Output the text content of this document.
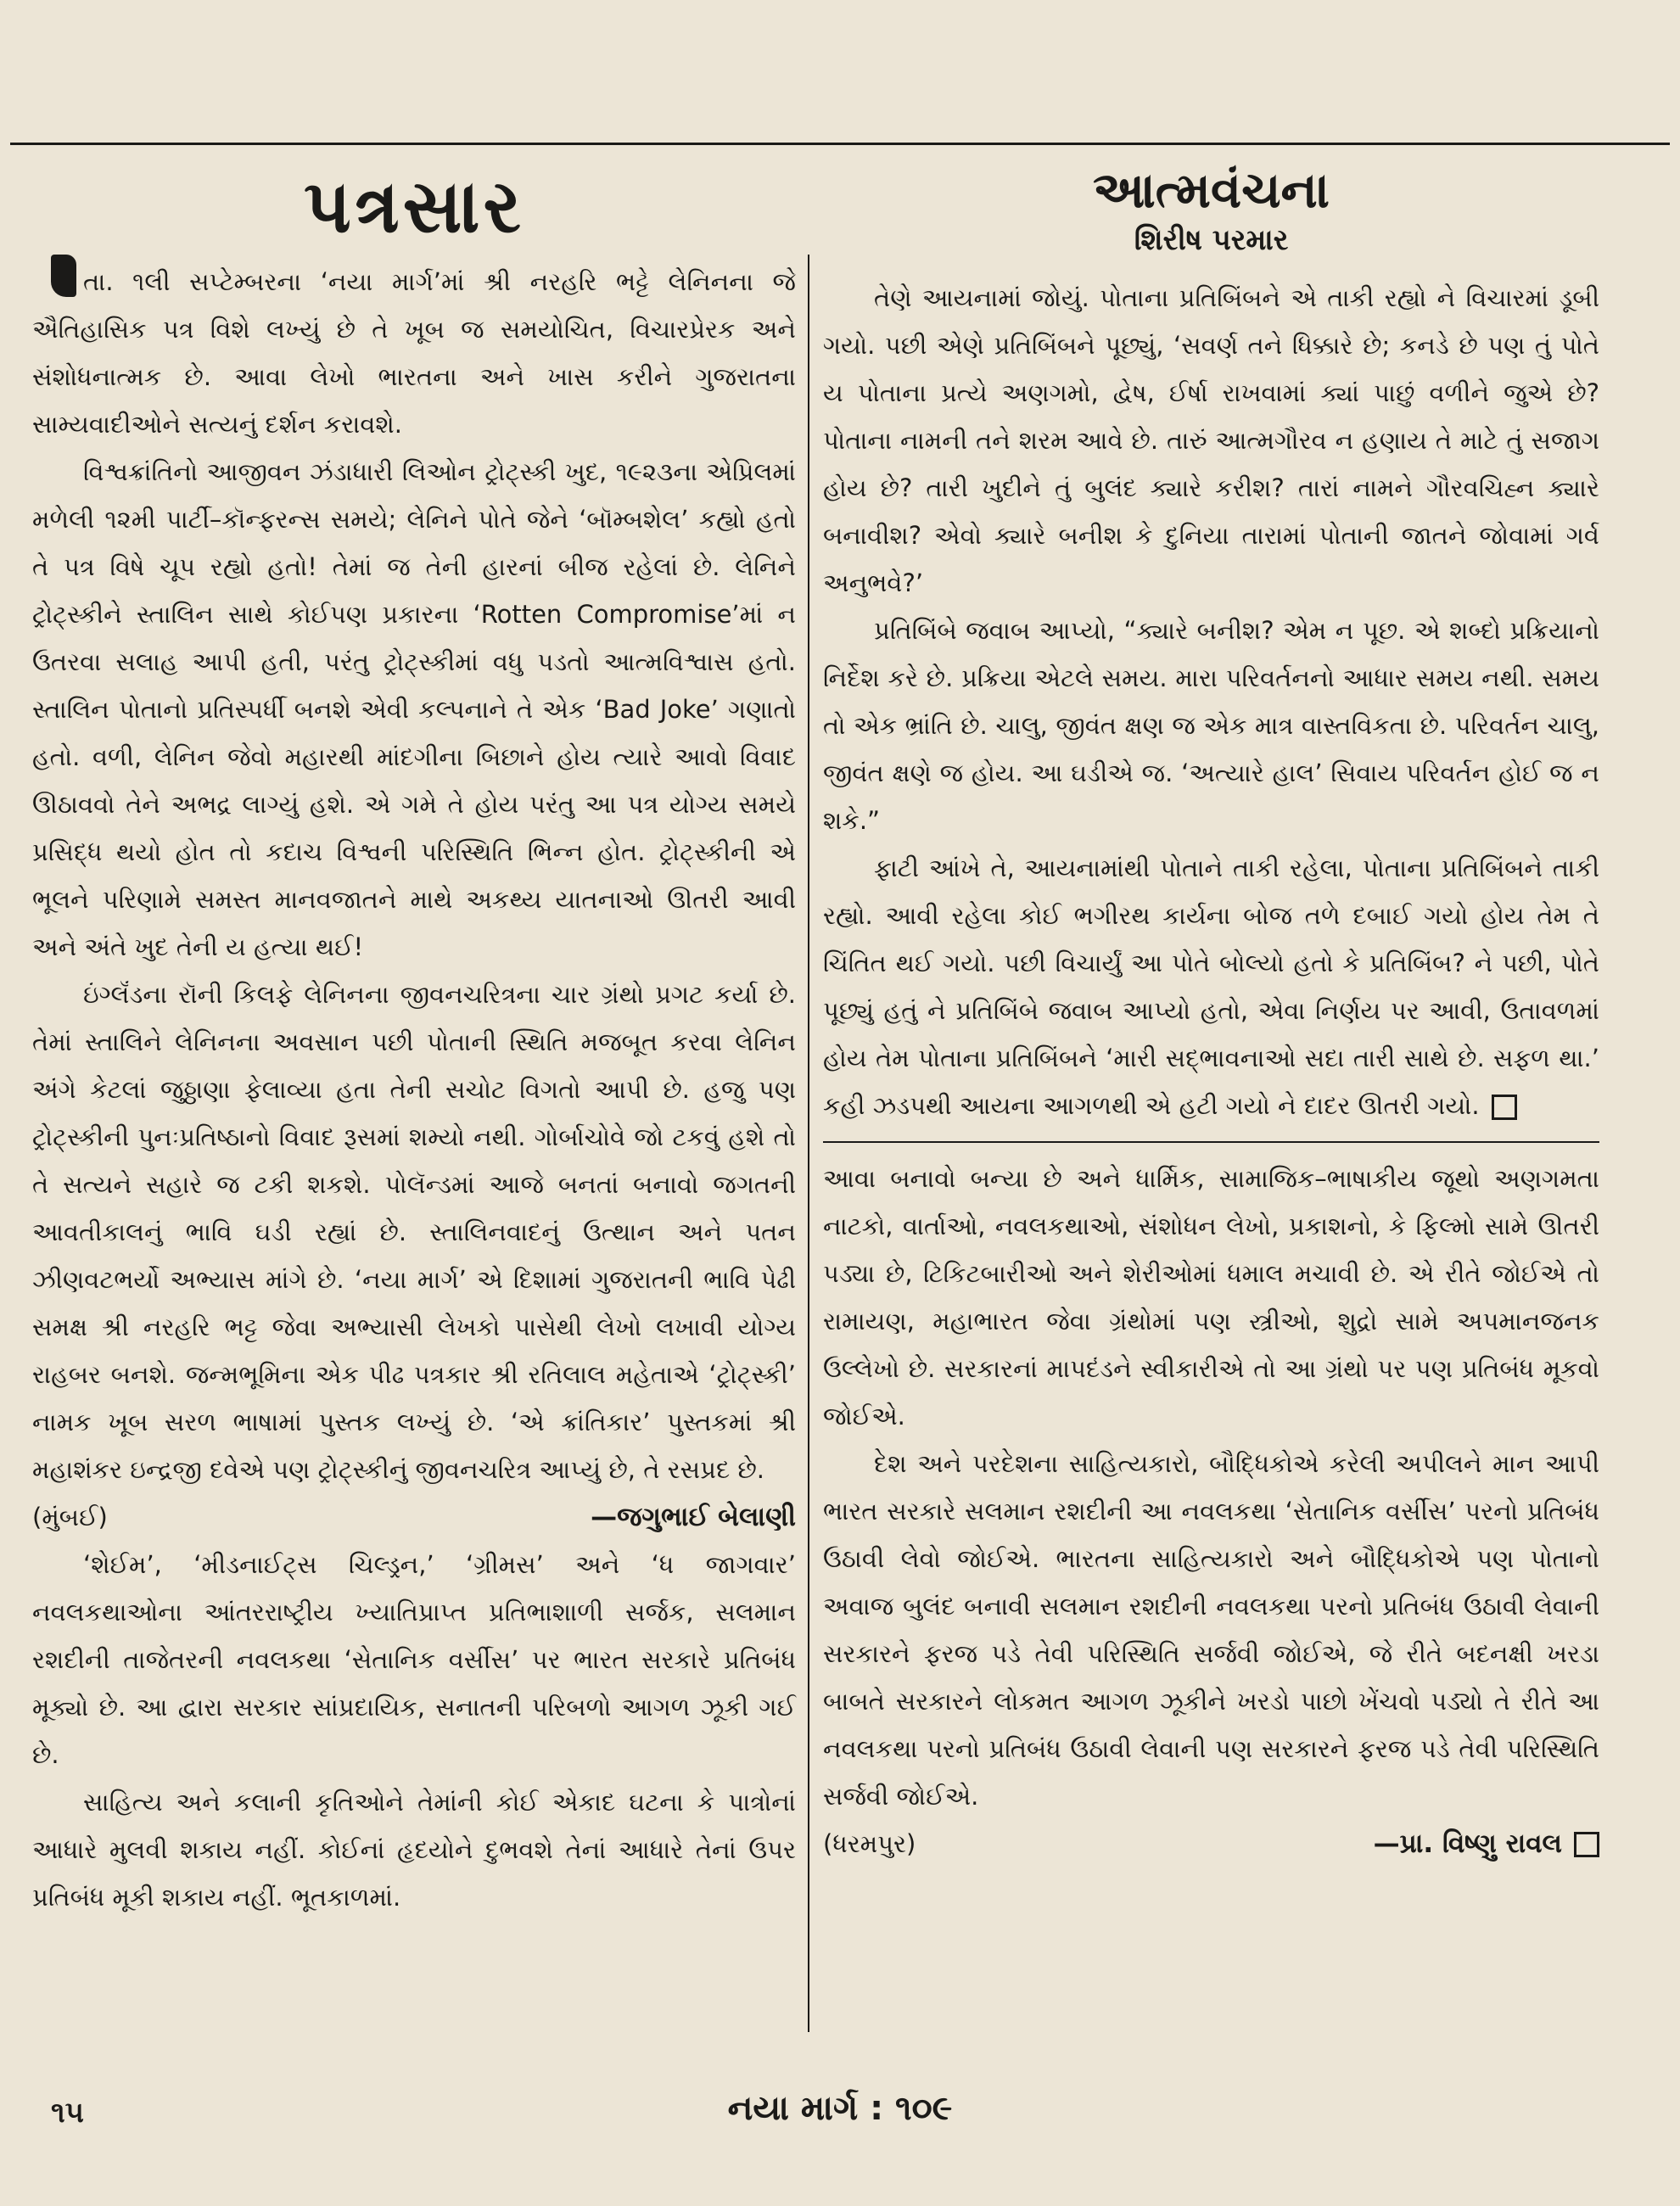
પત્રસાર

તા. ૧લી સપ્ટેમ્બરના ‘નયા માર્ગ’માં શ્રી નરહરિ ભટ્ટે લેનિનના જે ઐતિહાસિક પત્ર વિશે લખ્યું છે તે ખૂબ જ સમયોચિત, વિચારપ્રેરક અને સંશોધનાત્મક છે. આવા લેખો ભારતના અને ખાસ કરીને ગુજરાતના સામ્યવાદીઓને સત્યનું દર્શન કરાવશે.

વિશ્વક્રાંતિનો આજીવન ઝંડાધારી લિઓન ટ્રોટ્સ્કી ખુદ, ૧૯૨૩ના એપ્રિલમાં મળેલી ૧૨મી પાર્ટી–કૉન્ફરન્સ સમયે; લેનિને પોતે જેને ‘બૉમ્બશેલ’ કહ્યો હતો તે પત્ર વિષે ચૂપ રહ્યો હતો! તેમાં જ તેની હારનાં બીજ રહેલાં છે. લેનિને ટ્રોટ્સ્કીને સ્તાલિન સાથે કોઈપણ પ્રકારના ‘Rotten Compromise’માં ન ઉતરવા સલાહ આપી હતી, પરંતુ ટ્રોટ્સ્કીમાં વધુ પડતો આત્મવિશ્વાસ હતો. સ્તાલિન પોતાનો પ્રતિસ્પર્ધી બનશે એવી કલ્પનાને તે એક ‘Bad Joke’ ગણાતો હતો. વળી, લેનિન જેવો મહારથી માંદગીના બિછાને હોય ત્યારે આવો વિવાદ ઊઠાવવો તેને અભદ્ર લાગ્યું હશે. એ ગમે તે હોય પરંતુ આ પત્ર યોગ્ય સમયે પ્રસિદ્ધ થયો હોત તો કદાચ વિશ્વની પરિસ્થિતિ ભિન્ન હોત. ટ્રોટ્સ્કીની એ ભૂલને પરિણામે સમસ્ત માનવજાતને માથે અકથ્ય યાતનાઓ ઊતરી આવી અને અંતે ખુદ તેની ય હત્યા થઈ!

ઇંગ્લૅંડના રૉની કિલફે લેનિનના જીવનચરિત્રના ચાર ગ્રંથો પ્રગટ કર્યા છે. તેમાં સ્તાલિને લેનિનના અવસાન પછી પોતાની સ્થિતિ મજબૂત કરવા લેનિન અંગે કેટલાં જુઠ્ઠાણા ફેલાવ્યા હતા તેની સચોટ વિગતો આપી છે. હજુ પણ ટ્રોટ્સ્કીની પુનઃપ્રતિષ્ઠાનો વિવાદ રૂસમાં શમ્યો નથી. ગોર્બાચોવે જો ટકવું હશે તો તે સત્યને સહારે જ ટકી શકશે. પોલૅન્ડમાં આજે બનતાં બનાવો જગતની આવતીકાલનું ભાવિ ઘડી રહ્યાં છે. સ્તાલિનવાદનું ઉત્થાન અને પતન ઝીણવટભર્યો અભ્યાસ માંગે છે. ‘નયા માર્ગ’ એ દિશામાં ગુજરાતની ભાવિ પેઢી સમક્ષ શ્રી નરહરિ ભટ્ટ જેવા અભ્યાસી લેખકો પાસેથી લેખો લખાવી યોગ્ય રાહબર બનશે. જન્મભૂમિના એક પીઢ પત્રકાર શ્રી રતિલાલ મહેતાએ ‘ટ્રોટ્સ્કી’ નામક ખૂબ સરળ ભાષામાં પુસ્તક લખ્યું છે. ‘એ ક્રાંતિકાર’ પુસ્તકમાં શ્રી મહાશંકર ઇન્દ્રજી દવેએ પણ ટ્રોટ્સ્કીનું જીવનચરિત્ર આપ્યું છે, તે રસપ્રદ છે.

—જગુભાઈ બેલાણી
(મુંબઈ)

‘શેઈમ’, ‘મીડનાઈટ્સ ચિલ્ડ્રન,’ ‘ગ્રીમસ’ અને ‘ધ જાગવાર’ નવલકથાઓના આંતરરાષ્ટ્રીય ખ્યાતિપ્રાપ્ત પ્રતિભાશાળી સર્જક, સલમાન રશદીની તાજેતરની નવલકથા ‘સેતાનિક વર્સીસ’ પર ભારત સરકારે પ્રતિબંધ મૂક્યો છે. આ દ્વારા સરકાર સાંપ્રદાયિક, સનાતની પરિબળો આગળ ઝૂકી ગઈ છે.

સાહિત્ય અને કલાની કૃતિઓને તેમાંની કોઈ એકાદ ઘટના કે પાત્રોનાં આધારે મુલવી શકાય નહીં. કોઈનાં હૃદયોને દુભવશે તેનાં આધારે તેનાં ઉપર પ્રતિબંધ મૂકી શકાય નહીં. ભૂતકાળમાં.

આત્મવંચના
શિરીષ પરમાર

તેણે આયનામાં જોયું. પોતાના પ્રતિબિંબને એ તાકી રહ્યો ને વિચારમાં ડૂબી ગયો. પછી એણે પ્રતિબિંબને પૂછ્યું, ‘સવર્ણ તને ધિક્કારે છે; કનડે છે પણ તું પોતે ય પોતાના પ્રત્યે અણગમો, દ્વેષ, ઈર્ષા રાખવામાં ક્યાં પાછું વળીને જુએ છે? પોતાના નામની તને શરમ આવે છે. તારું આત્મગૌરવ ન હણાય તે માટે તું સજાગ હોય છે? તારી ખુદીને તું બુલંદ ક્યારે કરીશ? તારાં નામને ગૌરવચિહ્ન ક્યારે બનાવીશ? એવો ક્યારે બનીશ કે દુનિયા તારામાં પોતાની જાતને જોવામાં ગર્વ અનુભવે?’

પ્રતિબિંબે જવાબ આપ્યો, “ક્યારે બનીશ? એમ ન પૂછ. એ શબ્દો પ્રક્રિયાનો નિર્દેશ કરે છે. પ્રક્રિયા એટલે સમય. મારા પરિવર્તનનો આધાર સમય નથી. સમય તો એક ભ્રાંતિ છે. ચાલુ, જીવંત ક્ષણ જ એક માત્ર વાસ્તવિકતા છે. પરિવર્તન ચાલુ, જીવંત ક્ષણે જ હોય. આ ઘડીએ જ. ‘અત્યારે હાલ’ સિવાય પરિવર્તન હોઈ જ ન શકે.”

ફાટી આંખે તે, આયનામાંથી પોતાને તાકી રહેલા, પોતાના પ્રતિબિંબને તાકી રહ્યો. આવી રહેલા કોઈ ભગીરથ કાર્યના બોજ તળે દબાઈ ગયો હોય તેમ તે ચિંતિત થઈ ગયો. પછી વિચાર્યું આ પોતે બોલ્યો હતો કે પ્રતિબિંબ? ને પછી, પોતે પૂછ્યું હતું ને પ્રતિબિંબે જવાબ આપ્યો હતો, એવા નિર્ણય પર આવી, ઉતાવળમાં હોય તેમ પોતાના પ્રતિબિંબને ‘મારી સદ્‌ભાવનાઓ સદા તારી સાથે છે. સફળ થા.’ કહી ઝડપથી આયના આગળથી એ હટી ગયો ને દાદર ઊતરી ગયો.

આવા બનાવો બન્યા છે અને ધાર્મિક, સામાજિક–ભાષાકીય જૂથો અણગમતા નાટકો, વાર્તાઓ, નવલકથાઓ, સંશોધન લેખો, પ્રકાશનો, કે ફિલ્મો સામે ઊતરી પડ્યા છે, ટિકિટબારીઓ અને શેરીઓમાં ધમાલ મચાવી છે. એ રીતે જોઈએ તો રામાયણ, મહાભારત જેવા ગ્રંથોમાં પણ સ્ત્રીઓ, શુદ્રો સામે અપમાનજનક ઉલ્લેખો છે. સરકારનાં માપદંડને સ્વીકારીએ તો આ ગ્રંથો પર પણ પ્રતિબંધ મૂકવો જોઈએ.

દેશ અને પરદેશના સાહિત્યકારો, બૌદ્ધિકોએ કરેલી અપીલને માન આપી ભારત સરકારે સલમાન રશદીની આ નવલકથા ‘સેતાનિક વર્સીસ’ પરનો પ્રતિબંધ ઉઠાવી લેવો જોઈએ. ભારતના સાહિત્યકારો અને બૌદ્ધિકોએ પણ પોતાનો અવાજ બુલંદ બનાવી સલમાન રશદીની નવલકથા પરનો પ્રતિબંધ ઉઠાવી લેવાની સરકારને ફરજ પડે તેવી પરિસ્થિતિ સર્જવી જોઈએ, જે રીતે બદનક્ષી ખરડા બાબતે સરકારને લોકમત આગળ ઝૂકીને ખરડો પાછો ખેંચવો પડ્યો તે રીતે આ નવલકથા પરનો પ્રતિબંધ ઉઠાવી લેવાની પણ સરકારને ફરજ પડે તેવી પરિસ્થિતિ સર્જવી જોઈએ.

(ધરમપુર)	—પ્રા. વિષ્ણુ રાવલ
૧૫	નયા માર્ગ : ૧૦૯
